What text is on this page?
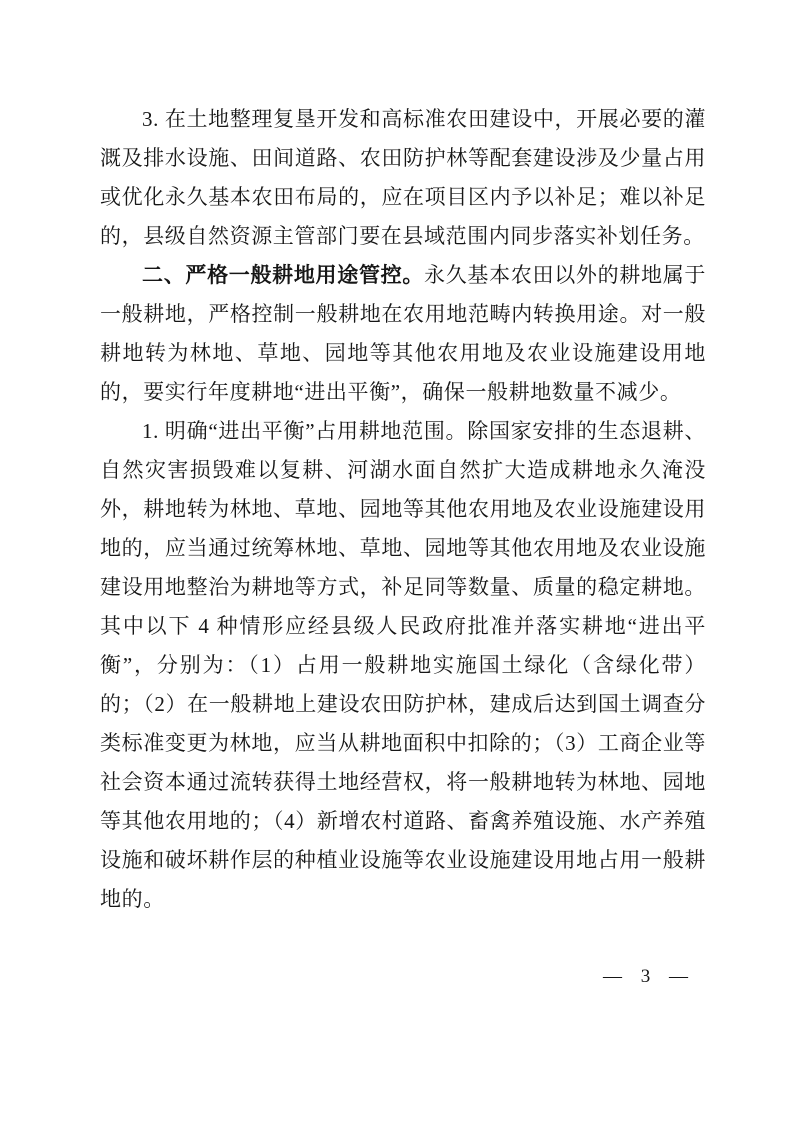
3. 在土地整理复垦开发和高标准农田建设中，开展必要的灌溉及排水设施、田间道路、农田防护林等配套建设涉及少量占用或优化永久基本农田布局的，应在项目区内予以补足；难以补足的，县级自然资源主管部门要在县域范围内同步落实补划任务。

二、严格一般耕地用途管控。永久基本农田以外的耕地属于一般耕地，严格控制一般耕地在农用地范畴内转换用途。对一般耕地转为林地、草地、园地等其他农用地及农业设施建设用地的，要实行年度耕地“进出平衡”，确保一般耕地数量不减少。

1. 明确“进出平衡”占用耕地范围。除国家安排的生态退耕、自然灾害损毁难以复耕、河湖水面自然扩大造成耕地永久淹没外，耕地转为林地、草地、园地等其他农用地及农业设施建设用地的，应当通过统筹林地、草地、园地等其他农用地及农业设施建设用地整治为耕地等方式，补足同等数量、质量的稳定耕地。其中以下 4 种情形应经县级人民政府批准并落实耕地“进出平衡”，分别为：（1）占用一般耕地实施国土绿化（含绿化带）的；（2）在一般耕地上建设农田防护林，建成后达到国土调查分类标准变更为林地，应当从耕地面积中扣除的；（3）工商企业等社会资本通过流转获得土地经营权，将一般耕地转为林地、园地等其他农用地的；（4）新增农村道路、畜禽养殖设施、水产养殖设施和破坏耕作层的种植业设施等农业设施建设用地占用一般耕地的。

— 3 —
